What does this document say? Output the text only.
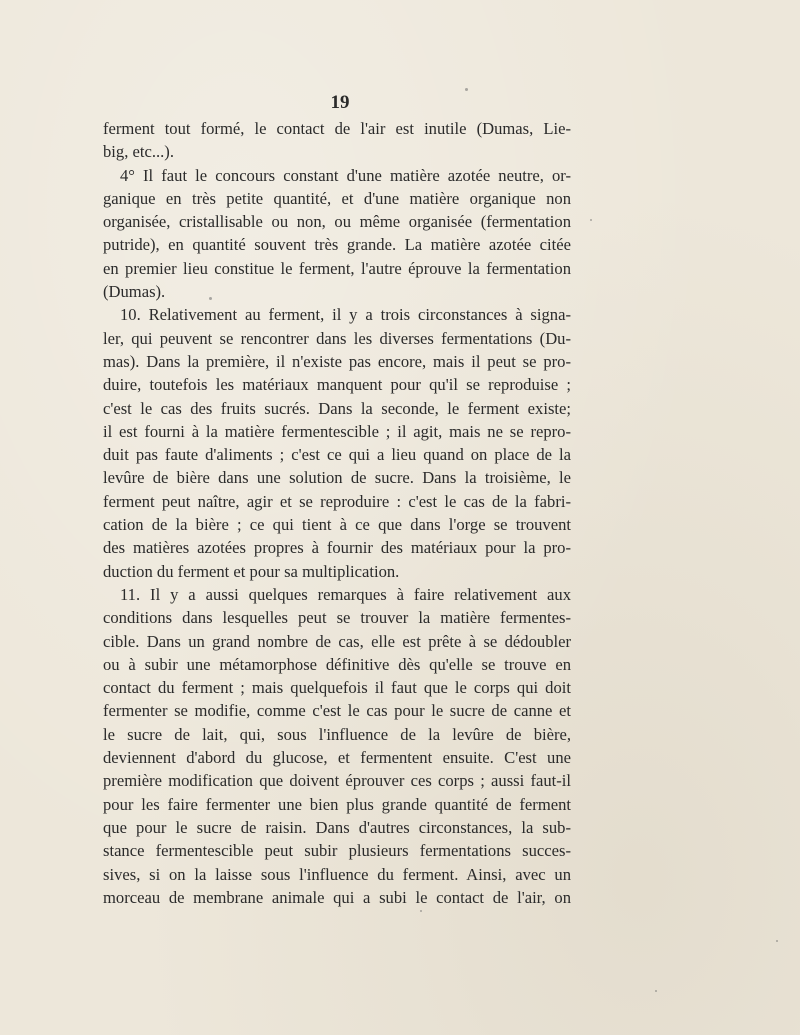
19
ferment tout formé, le contact de l'air est inutile (Dumas, Lie-
big, etc...).
4° Il faut le concours constant d'une matière azotée neutre, or-
ganique en très petite quantité, et d'une matière organique non
organisée, cristallisable ou non, ou même organisée (fermentation
putride), en quantité souvent très grande. La matière azotée citée
en premier lieu constitue le ferment, l'autre éprouve la fermentation
(Dumas).
10. Relativement au ferment, il y a trois circonstances à signa-
ler, qui peuvent se rencontrer dans les diverses fermentations (Du-
mas). Dans la première, il n'existe pas encore, mais il peut se pro-
duire, toutefois les matériaux manquent pour qu'il se reproduise ;
c'est le cas des fruits sucrés. Dans la seconde, le ferment existe;
il est fourni à la matière fermentescible ; il agit, mais ne se repro-
duit pas faute d'aliments ; c'est ce qui a lieu quand on place de la
levûre de bière dans une solution de sucre. Dans la troisième, le
ferment peut naître, agir et se reproduire : c'est le cas de la fabri-
cation de la bière ; ce qui tient à ce que dans l'orge se trouvent
des matières azotées propres à fournir des matériaux pour la pro-
duction du ferment et pour sa multiplication.
11. Il y a aussi quelques remarques à faire relativement aux
conditions dans lesquelles peut se trouver la matière fermentes-
cible. Dans un grand nombre de cas, elle est prête à se dédoubler
ou à subir une métamorphose définitive dès qu'elle se trouve en
contact du ferment ; mais quelquefois il faut que le corps qui doit
fermenter se modifie, comme c'est le cas pour le sucre de canne et
le sucre de lait, qui, sous l'influence de la levûre de bière,
deviennent d'abord du glucose, et fermentent ensuite. C'est une
première modification que doivent éprouver ces corps ; aussi faut-il
pour les faire fermenter une bien plus grande quantité de ferment
que pour le sucre de raisin. Dans d'autres circonstances, la sub-
stance fermentescible peut subir plusieurs fermentations succes-
sives, si on la laisse sous l'influence du ferment. Ainsi, avec un
morceau de membrane animale qui a subi le contact de l'air, on
